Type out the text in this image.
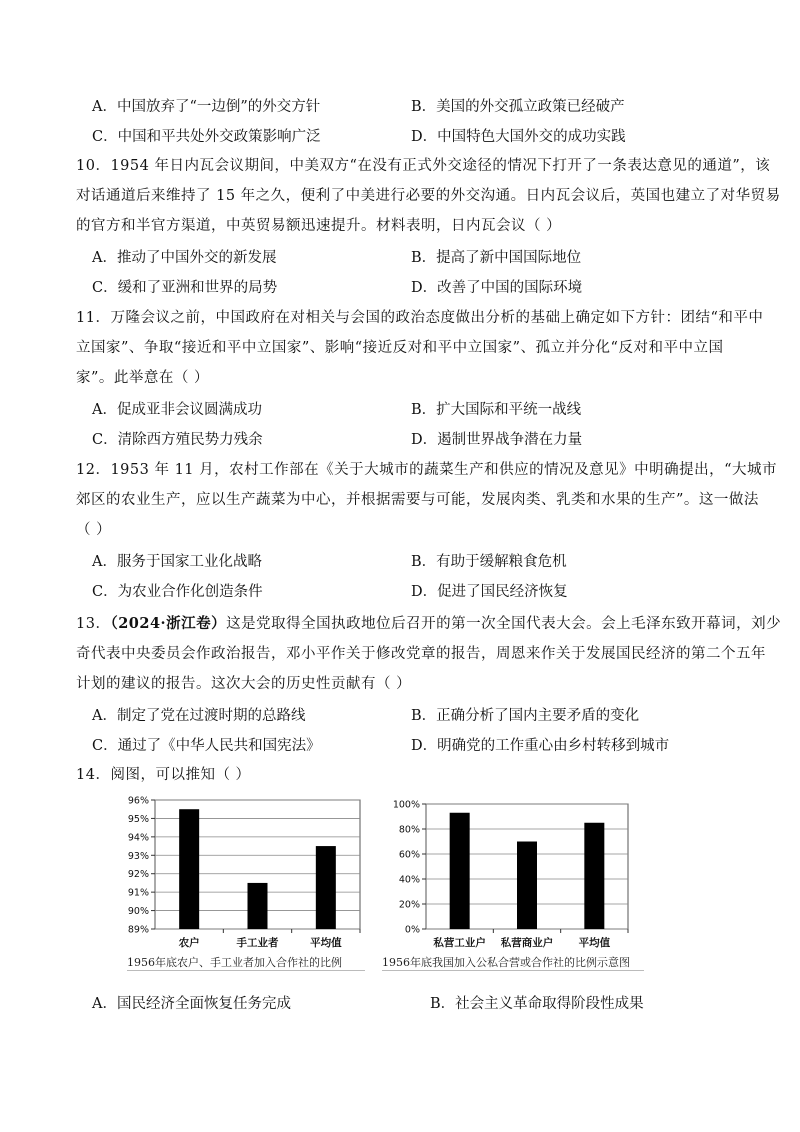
A．中国放弃了“一边倒”的外交方针	B．美国的外交孤立政策已经破产
C．中国和平共处外交政策影响广泛	D．中国特色大国外交的成功实践
10．1954 年日内瓦会议期间，中美双方“在没有正式外交途径的情况下打开了一条表达意见的通道”，该
对话通道后来维持了 15 年之久，便利了中美进行必要的外交沟通。日内瓦会议后，英国也建立了对华贸易
的官方和半官方渠道，中英贸易额迅速提升。材料表明，日内瓦会议（ ）
A．推动了中国外交的新发展	B．提高了新中国国际地位
C．缓和了亚洲和世界的局势	D．改善了中国的国际环境
11．万隆会议之前，中国政府在对相关与会国的政治态度做出分析的基础上确定如下方针：团结“和平中
立国家”、争取“接近和平中立国家”、影响“接近反对和平中立国家”、孤立并分化“反对和平中立国
家”。此举意在（ ）
A．促成亚非会议圆满成功	B．扩大国际和平统一战线
C．清除西方殖民势力残余	D．遏制世界战争潜在力量
12．1953 年 11 月，农村工作部在《关于大城市的蔬菜生产和供应的情况及意见》中明确提出，“大城市
郊区的农业生产，应以生产蔬菜为中心，并根据需要与可能，发展肉类、乳类和水果的生产”。这一做法
（ ）
A．服务于国家工业化战略	B．有助于缓解粮食危机
C．为农业合作化创造条件	D．促进了国民经济恢复
13．（2024·浙江卷）这是党取得全国执政地位后召开的第一次全国代表大会。会上毛泽东致开幕词，刘少
奇代表中央委员会作政治报告，邓小平作关于修改党章的报告，周恩来作关于发展国民经济的第二个五年
计划的建议的报告。这次大会的历史性贡献有（ ）
A．制定了党在过渡时期的总路线	B．正确分析了国内主要矛盾的变化
C．通过了《中华人民共和国宪法》	D．明确党的工作重心由乡村转移到城市
14．阅图，可以推知（ ）
89%
90%
91%
92%
93%
94%
95%
96%
农户	手工业者	平均值
0%
20%
40%
60%
80%
100%
私营工业户 私营商业户 平均值
1956年底农户、手工业者加入合作社的比例	1956年底我国加入公私合营或合作社的比例示意图
A．国民经济全面恢复任务完成	B．社会主义革命取得阶段性成果
